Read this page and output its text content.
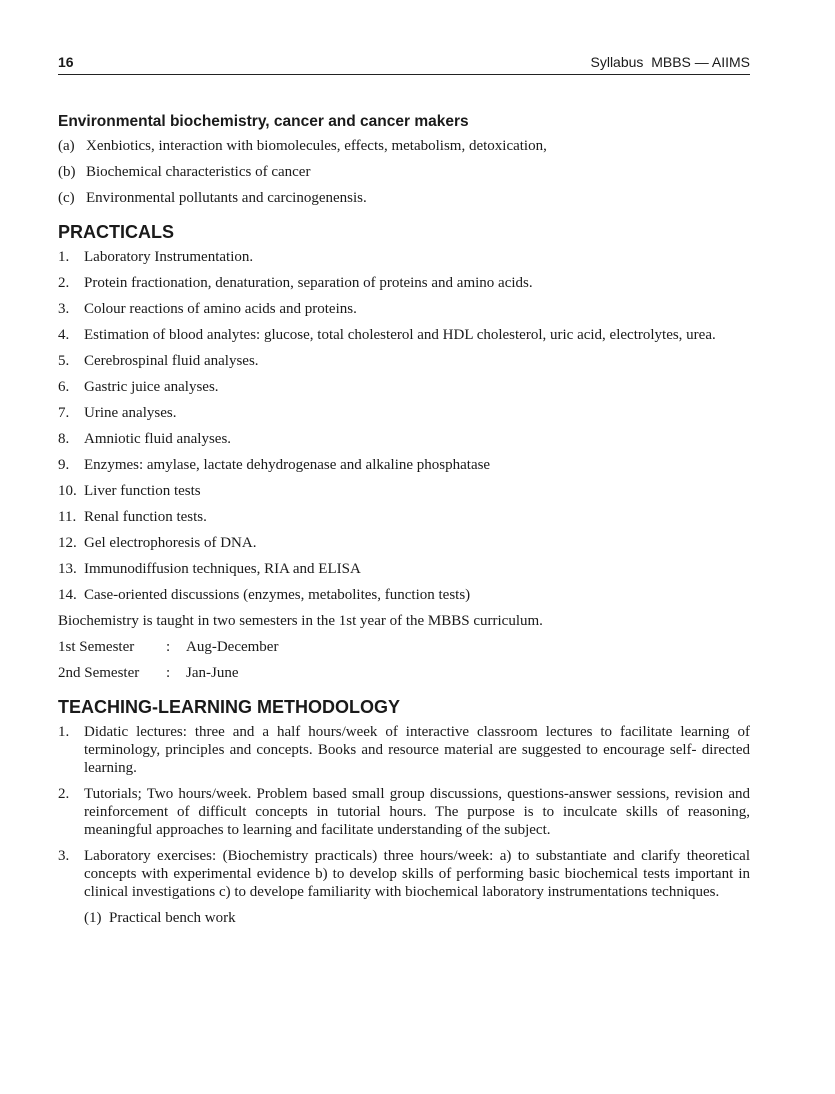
16	Syllabus  MBBS — AIIMS
Environmental biochemistry, cancer and cancer makers
(a) Xenbiotics, interaction with biomolecules, effects, metabolism, detoxication,
(b) Biochemical characteristics of cancer
(c) Environmental pollutants and carcinogenensis.
PRACTICALS
1. Laboratory Instrumentation.
2. Protein fractionation, denaturation, separation of proteins and amino acids.
3. Colour reactions of amino acids and proteins.
4. Estimation of blood analytes: glucose, total cholesterol and HDL cholesterol, uric acid, electrolytes, urea.
5. Cerebrospinal fluid analyses.
6. Gastric juice analyses.
7. Urine analyses.
8. Amniotic fluid analyses.
9. Enzymes: amylase, lactate dehydrogenase and alkaline phosphatase
10. Liver function tests
11. Renal function tests.
12. Gel electrophoresis of DNA.
13. Immunodiffusion techniques, RIA and ELISA
14. Case-oriented discussions (enzymes, metabolites, function tests)

Biochemistry is taught in two semesters in the 1st year of the MBBS curriculum.

1st Semester	:	Aug-December
2nd Semester	:	Jan-June
TEACHING-LEARNING METHODOLOGY
1. Didatic lectures: three and a half hours/week of interactive classroom lectures to facilitate learning of terminology, principles and concepts. Books and resource material are suggested to encourage self- directed learning.
2. Tutorials; Two hours/week. Problem based small group discussions, questions-answer sessions, revision and reinforcement of difficult concepts in tutorial hours. The purpose is to inculcate skills of reasoning, meaningful approaches to learning and facilitate understanding of the subject.
3. Laboratory exercises: (Biochemistry practicals) three hours/week: a) to substantiate and clarify theoretical concepts with experimental evidence b) to develop skills of performing basic biochemical tests important in clinical investigations c) to develope familiarity with biochemical laboratory instrumentations techniques.
(1)  Practical bench work
